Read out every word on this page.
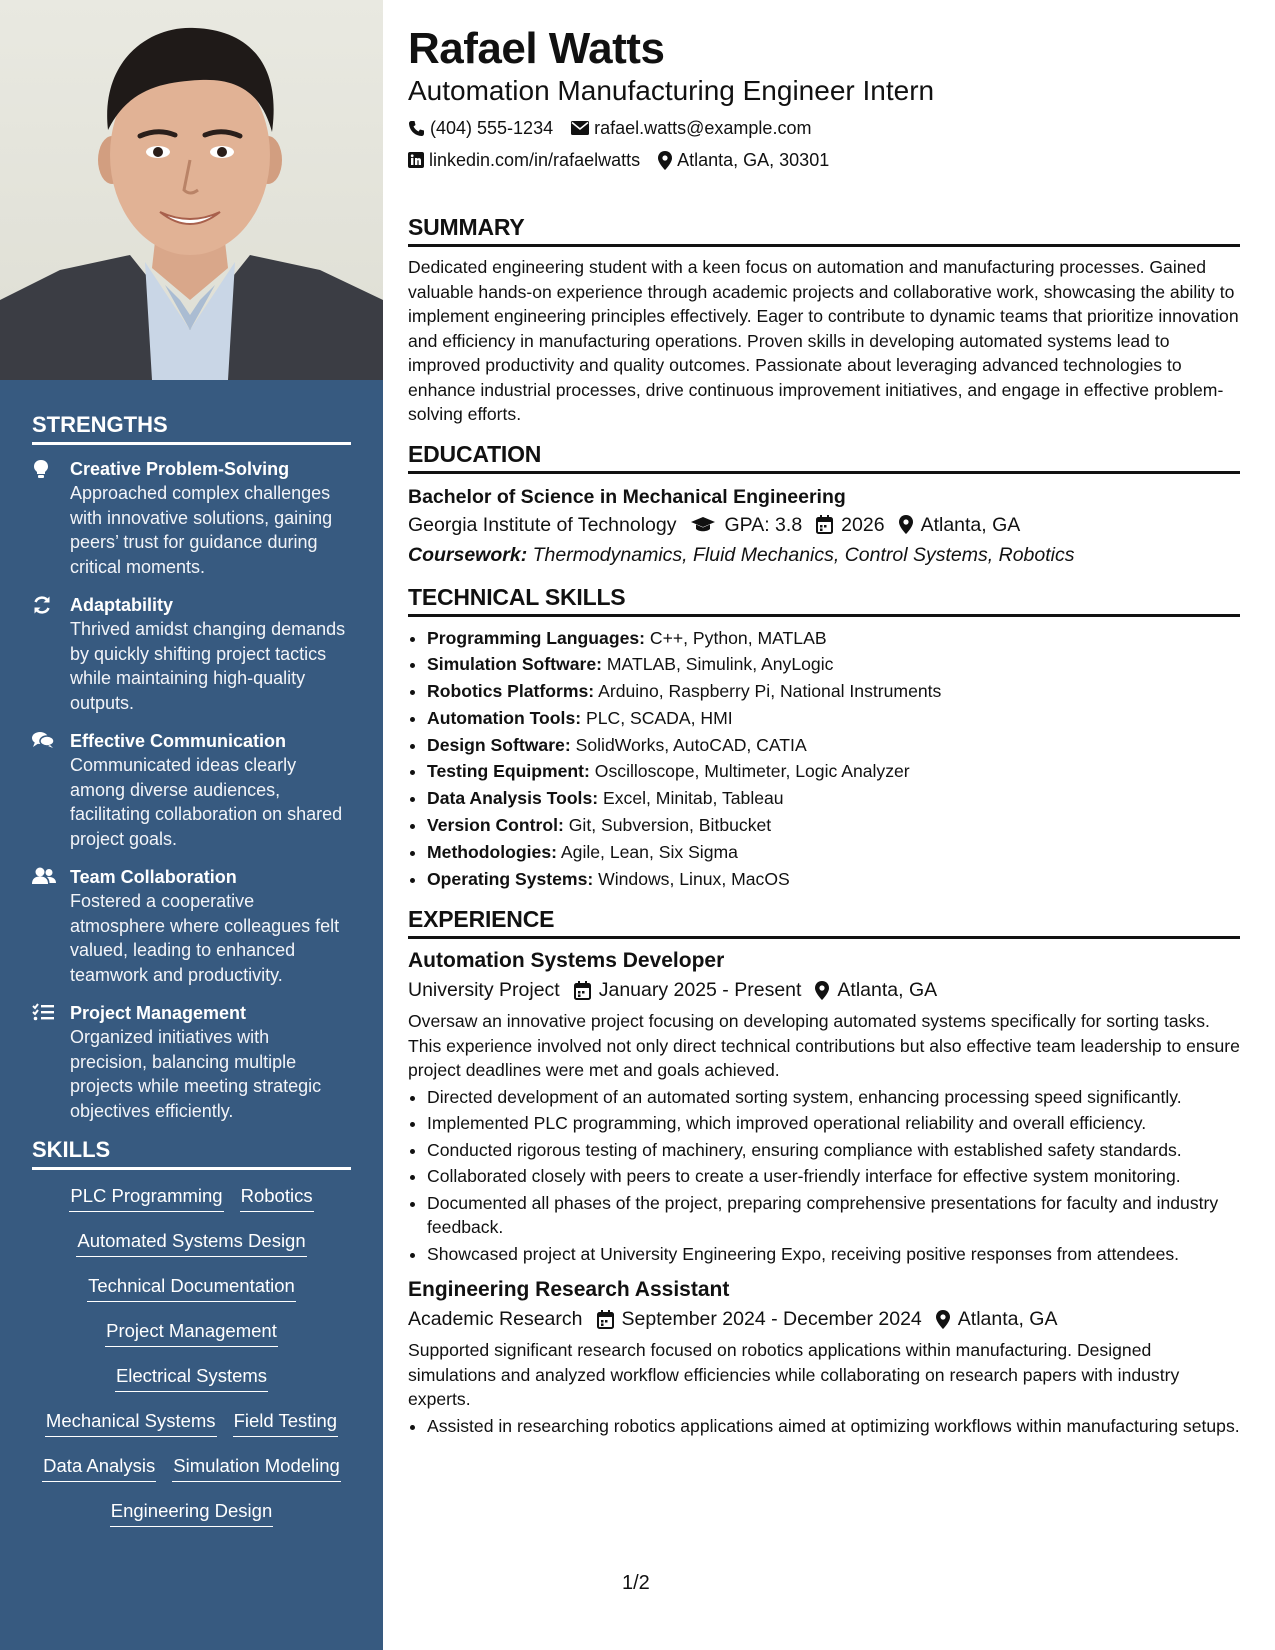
STRENGTHS
Creative Problem-Solving
Approached complex challenges with innovative solutions, gaining peers’ trust for guidance during critical moments.
Adaptability
Thrived amidst changing demands by quickly shifting project tactics while maintaining high-quality outputs.
Effective Communication
Communicated ideas clearly among diverse audiences, facilitating collaboration on shared project goals.
Team Collaboration
Fostered a cooperative atmosphere where colleagues felt valued, leading to enhanced teamwork and productivity.
Project Management
Organized initiatives with precision, balancing multiple projects while meeting strategic objectives efficiently.
SKILLS
PLC Programming Robotics
Automated Systems Design
Technical Documentation
Project Management
Electrical Systems
Mechanical Systems Field Testing
Data Analysis Simulation Modeling
Engineering Design
Rafael Watts
Automation Manufacturing Engineer Intern
(404) 555-1234 rafael.watts@example.com
linkedin.com/in/rafaelwatts Atlanta, GA, 30301
SUMMARY
Dedicated engineering student with a keen focus on automation and manufacturing processes. Gained valuable hands-on experience through academic projects and collaborative work, showcasing the ability to implement engineering principles effectively. Eager to contribute to dynamic teams that prioritize innovation and efficiency in manufacturing operations. Proven skills in developing automated systems lead to improved productivity and quality outcomes. Passionate about leveraging advanced technologies to enhance industrial processes, drive continuous improvement initiatives, and engage in effective problem-solving efforts.
EDUCATION
Bachelor of Science in Mechanical Engineering
Georgia Institute of Technology GPA: 3.8 2026 Atlanta, GA
Coursework: Thermodynamics, Fluid Mechanics, Control Systems, Robotics
TECHNICAL SKILLS
• Programming Languages: C++, Python, MATLAB
• Simulation Software: MATLAB, Simulink, AnyLogic
• Robotics Platforms: Arduino, Raspberry Pi, National Instruments
• Automation Tools: PLC, SCADA, HMI
• Design Software: SolidWorks, AutoCAD, CATIA
• Testing Equipment: Oscilloscope, Multimeter, Logic Analyzer
• Data Analysis Tools: Excel, Minitab, Tableau
• Version Control: Git, Subversion, Bitbucket
• Methodologies: Agile, Lean, Six Sigma
• Operating Systems: Windows, Linux, MacOS
EXPERIENCE
Automation Systems Developer
University Project January 2025 - Present Atlanta, GA
Oversaw an innovative project focusing on developing automated systems specifically for sorting tasks. This experience involved not only direct technical contributions but also effective team leadership to ensure project deadlines were met and goals achieved.
• Directed development of an automated sorting system, enhancing processing speed significantly.
• Implemented PLC programming, which improved operational reliability and overall efficiency.
• Conducted rigorous testing of machinery, ensuring compliance with established safety standards.
• Collaborated closely with peers to create a user-friendly interface for effective system monitoring.
• Documented all phases of the project, preparing comprehensive presentations for faculty and industry feedback.
• Showcased project at University Engineering Expo, receiving positive responses from attendees.
Engineering Research Assistant
Academic Research September 2024 - December 2024 Atlanta, GA
Supported significant research focused on robotics applications within manufacturing. Designed simulations and analyzed workflow efficiencies while collaborating on research papers with industry experts.
• Assisted in researching robotics applications aimed at optimizing workflows within manufacturing setups.
1/2
